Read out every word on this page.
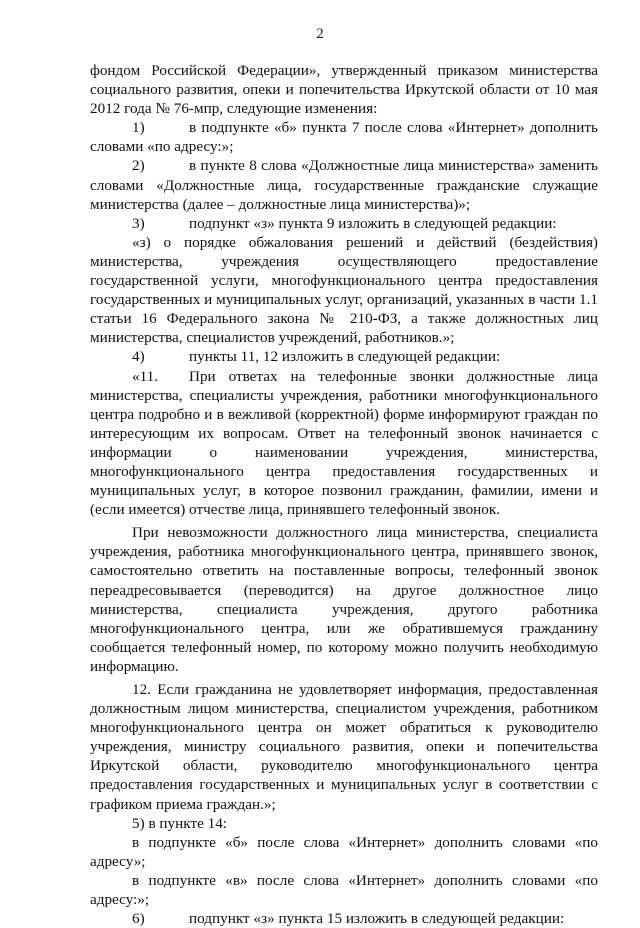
2

фондом Российской Федерации», утвержденный приказом министерства социального развития, опеки и попечительства Иркутской области от 10 мая 2012 года № 76-мпр, следующие изменения:

1)	в подпункте «б» пункта 7 после слова «Интернет» дополнить словами «по адресу:»;

2)	в пункте 8 слова «Должностные лица министерства» заменить словами «Должностные лица, государственные гражданские служащие министерства (далее – должностные лица министерства)»;

3)	подпункт «з» пункта 9 изложить в следующей редакции:

«з) о порядке обжалования решений и действий (бездействия) министерства, учреждения осуществляющего предоставление государственной услуги, многофункционального центра предоставления государственных и муниципальных услуг, организаций, указанных в части 1.1 статьи 16 Федерального закона № 210-ФЗ, а также должностных лиц министерства, специалистов учреждений, работников.»;

4)	пункты 11, 12 изложить в следующей редакции:

«11. При ответах на телефонные звонки должностные лица министерства, специалисты учреждения, работники многофункционального центра подробно и в вежливой (корректной) форме информируют граждан по интересующим их вопросам. Ответ на телефонный звонок начинается с информации о наименовании учреждения, министерства, многофункционального центра предоставления государственных и муниципальных услуг, в которое позвонил гражданин, фамилии, имени и (если имеется) отчестве лица, принявшего телефонный звонок.

При невозможности должностного лица министерства, специалиста учреждения, работника многофункционального центра, принявшего звонок, самостоятельно ответить на поставленные вопросы, телефонный звонок переадресовывается (переводится) на другое должностное лицо министерства, специалиста учреждения, другого работника многофункционального центра, или же обратившемуся гражданину сообщается телефонный номер, по которому можно получить необходимую информацию.

12. Если гражданина не удовлетворяет информация, предоставленная должностным лицом министерства, специалистом учреждения, работником многофункционального центра он может обратиться к руководителю учреждения, министру социального развития, опеки и попечительства Иркутской области, руководителю многофункционального центра предоставления государственных и муниципальных услуг в соответствии с графиком приема граждан.»;

5) в пункте 14:

в подпункте «б» после слова «Интернет» дополнить словами «по адресу»;

в подпункте «в» после слова «Интернет» дополнить словами «по адресу:»;

6)	подпункт «з» пункта 15 изложить в следующей редакции:
